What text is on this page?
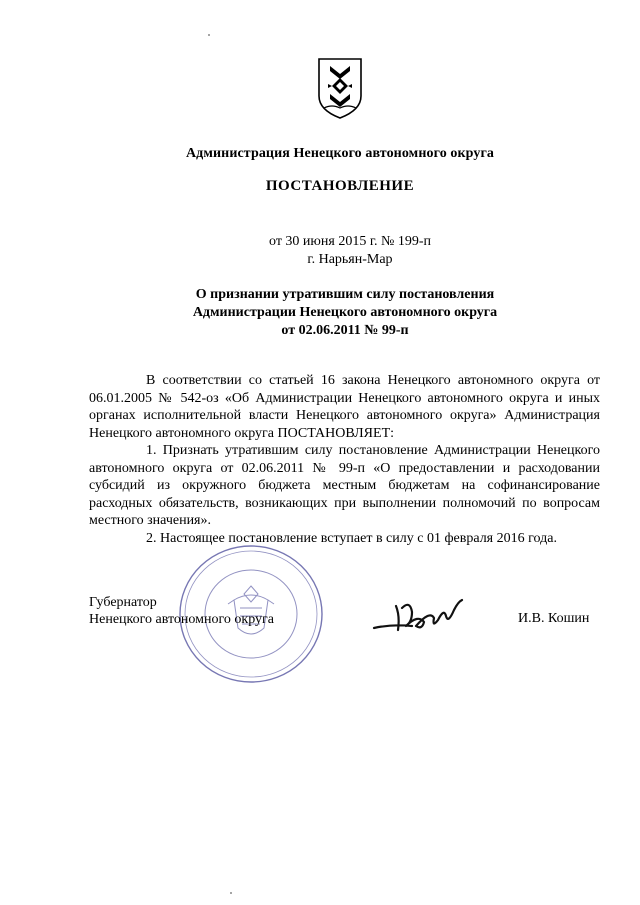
Администрация Ненецкого автономного округа
ПОСТАНОВЛЕНИЕ
от 30 июня 2015 г. № 199-п
г. Нарьян-Мар
О признании утратившим силу постановления
Администрации Ненецкого автономного округа
от 02.06.2011 № 99-п

В соответствии со статьей 16 закона Ненецкого автономного округа от 06.01.2005 № 542-оз «Об Администрации Ненецкого автономного округа и иных органах исполнительной власти Ненецкого автономного округа» Администрация Ненецкого автономного округа ПОСТАНОВЛЯЕТ:

1. Признать утратившим силу постановление Администрации Ненецкого автономного округа от 02.06.2011 № 99-п «О предоставлении и расходовании субсидий из окружного бюджета местным бюджетам на софинансирование расходных обязательств, возникающих при выполнении полномочий по вопросам местного значения».

2. Настоящее постановление вступает в силу с 01 февраля 2016 года.

Губернатор
Ненецкого автономного округа	И.В. Кошин
